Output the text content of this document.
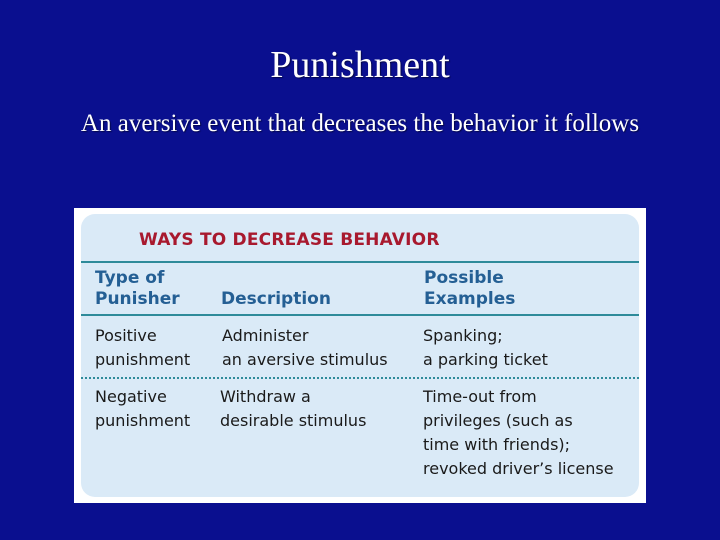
Punishment
An aversive event that decreases the behavior it follows
WAYS TO DECREASE BEHAVIOR
Type of
Punisher Description
Possible
Examples
Positive
punishment
Administer
an aversive stimulus
Spanking;
a parking ticket
Negative
punishment
Withdraw a
desirable stimulus
Time-out from
privileges (such as
time with friends);
revoked driver’s license
